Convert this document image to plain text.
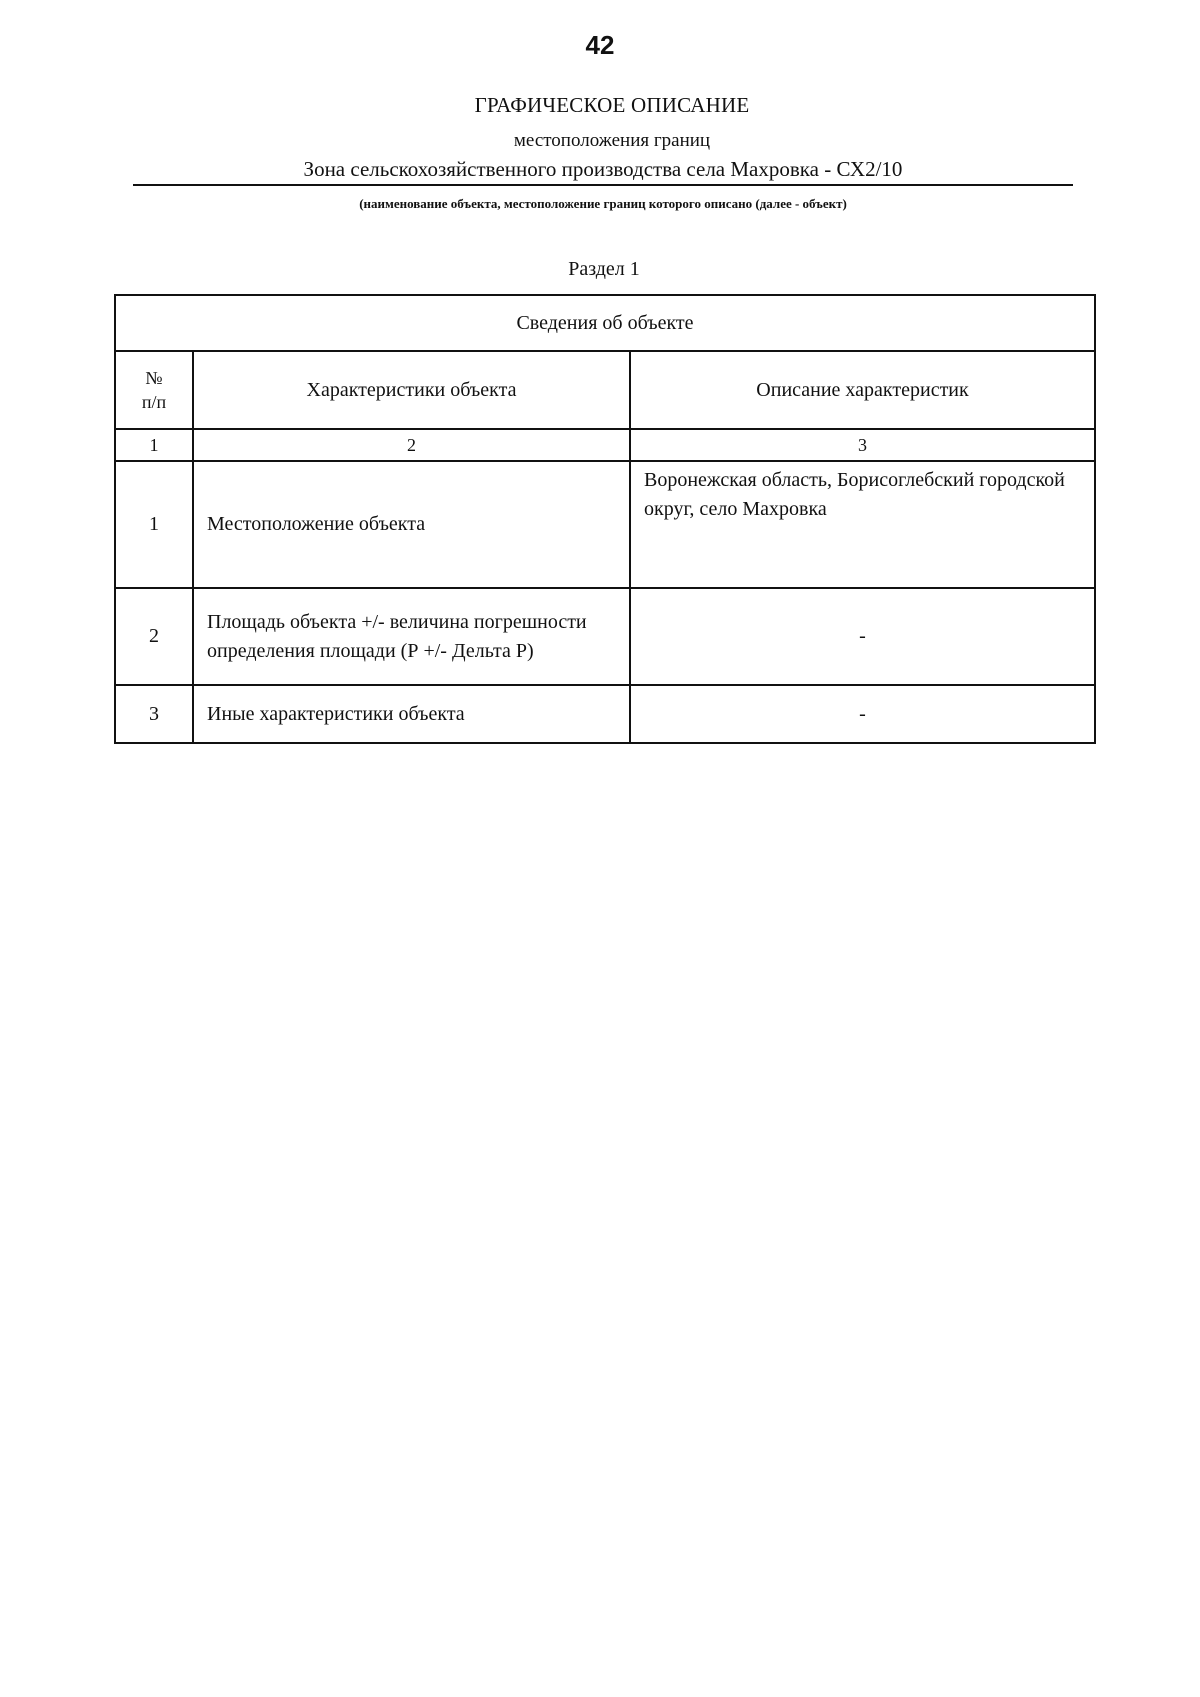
42
ГРАФИЧЕСКОЕ ОПИСАНИЕ
местоположения границ
Зона сельскохозяйственного производства села Махровка - СХ2/10
(наименование объекта, местоположение границ которого описано (далее - объект)
Раздел 1
Сведения об объекте		
№
п/п	Характеристики объекта	Описание характеристик
1	2	3
1	Местоположение объекта	Воронежская область, Борисоглебский городской округ, село Махровка
2	Площадь объекта +/- величина погрешности определения площади (Р +/- Дельта Р)	-
3	Иные характеристики объекта	-
